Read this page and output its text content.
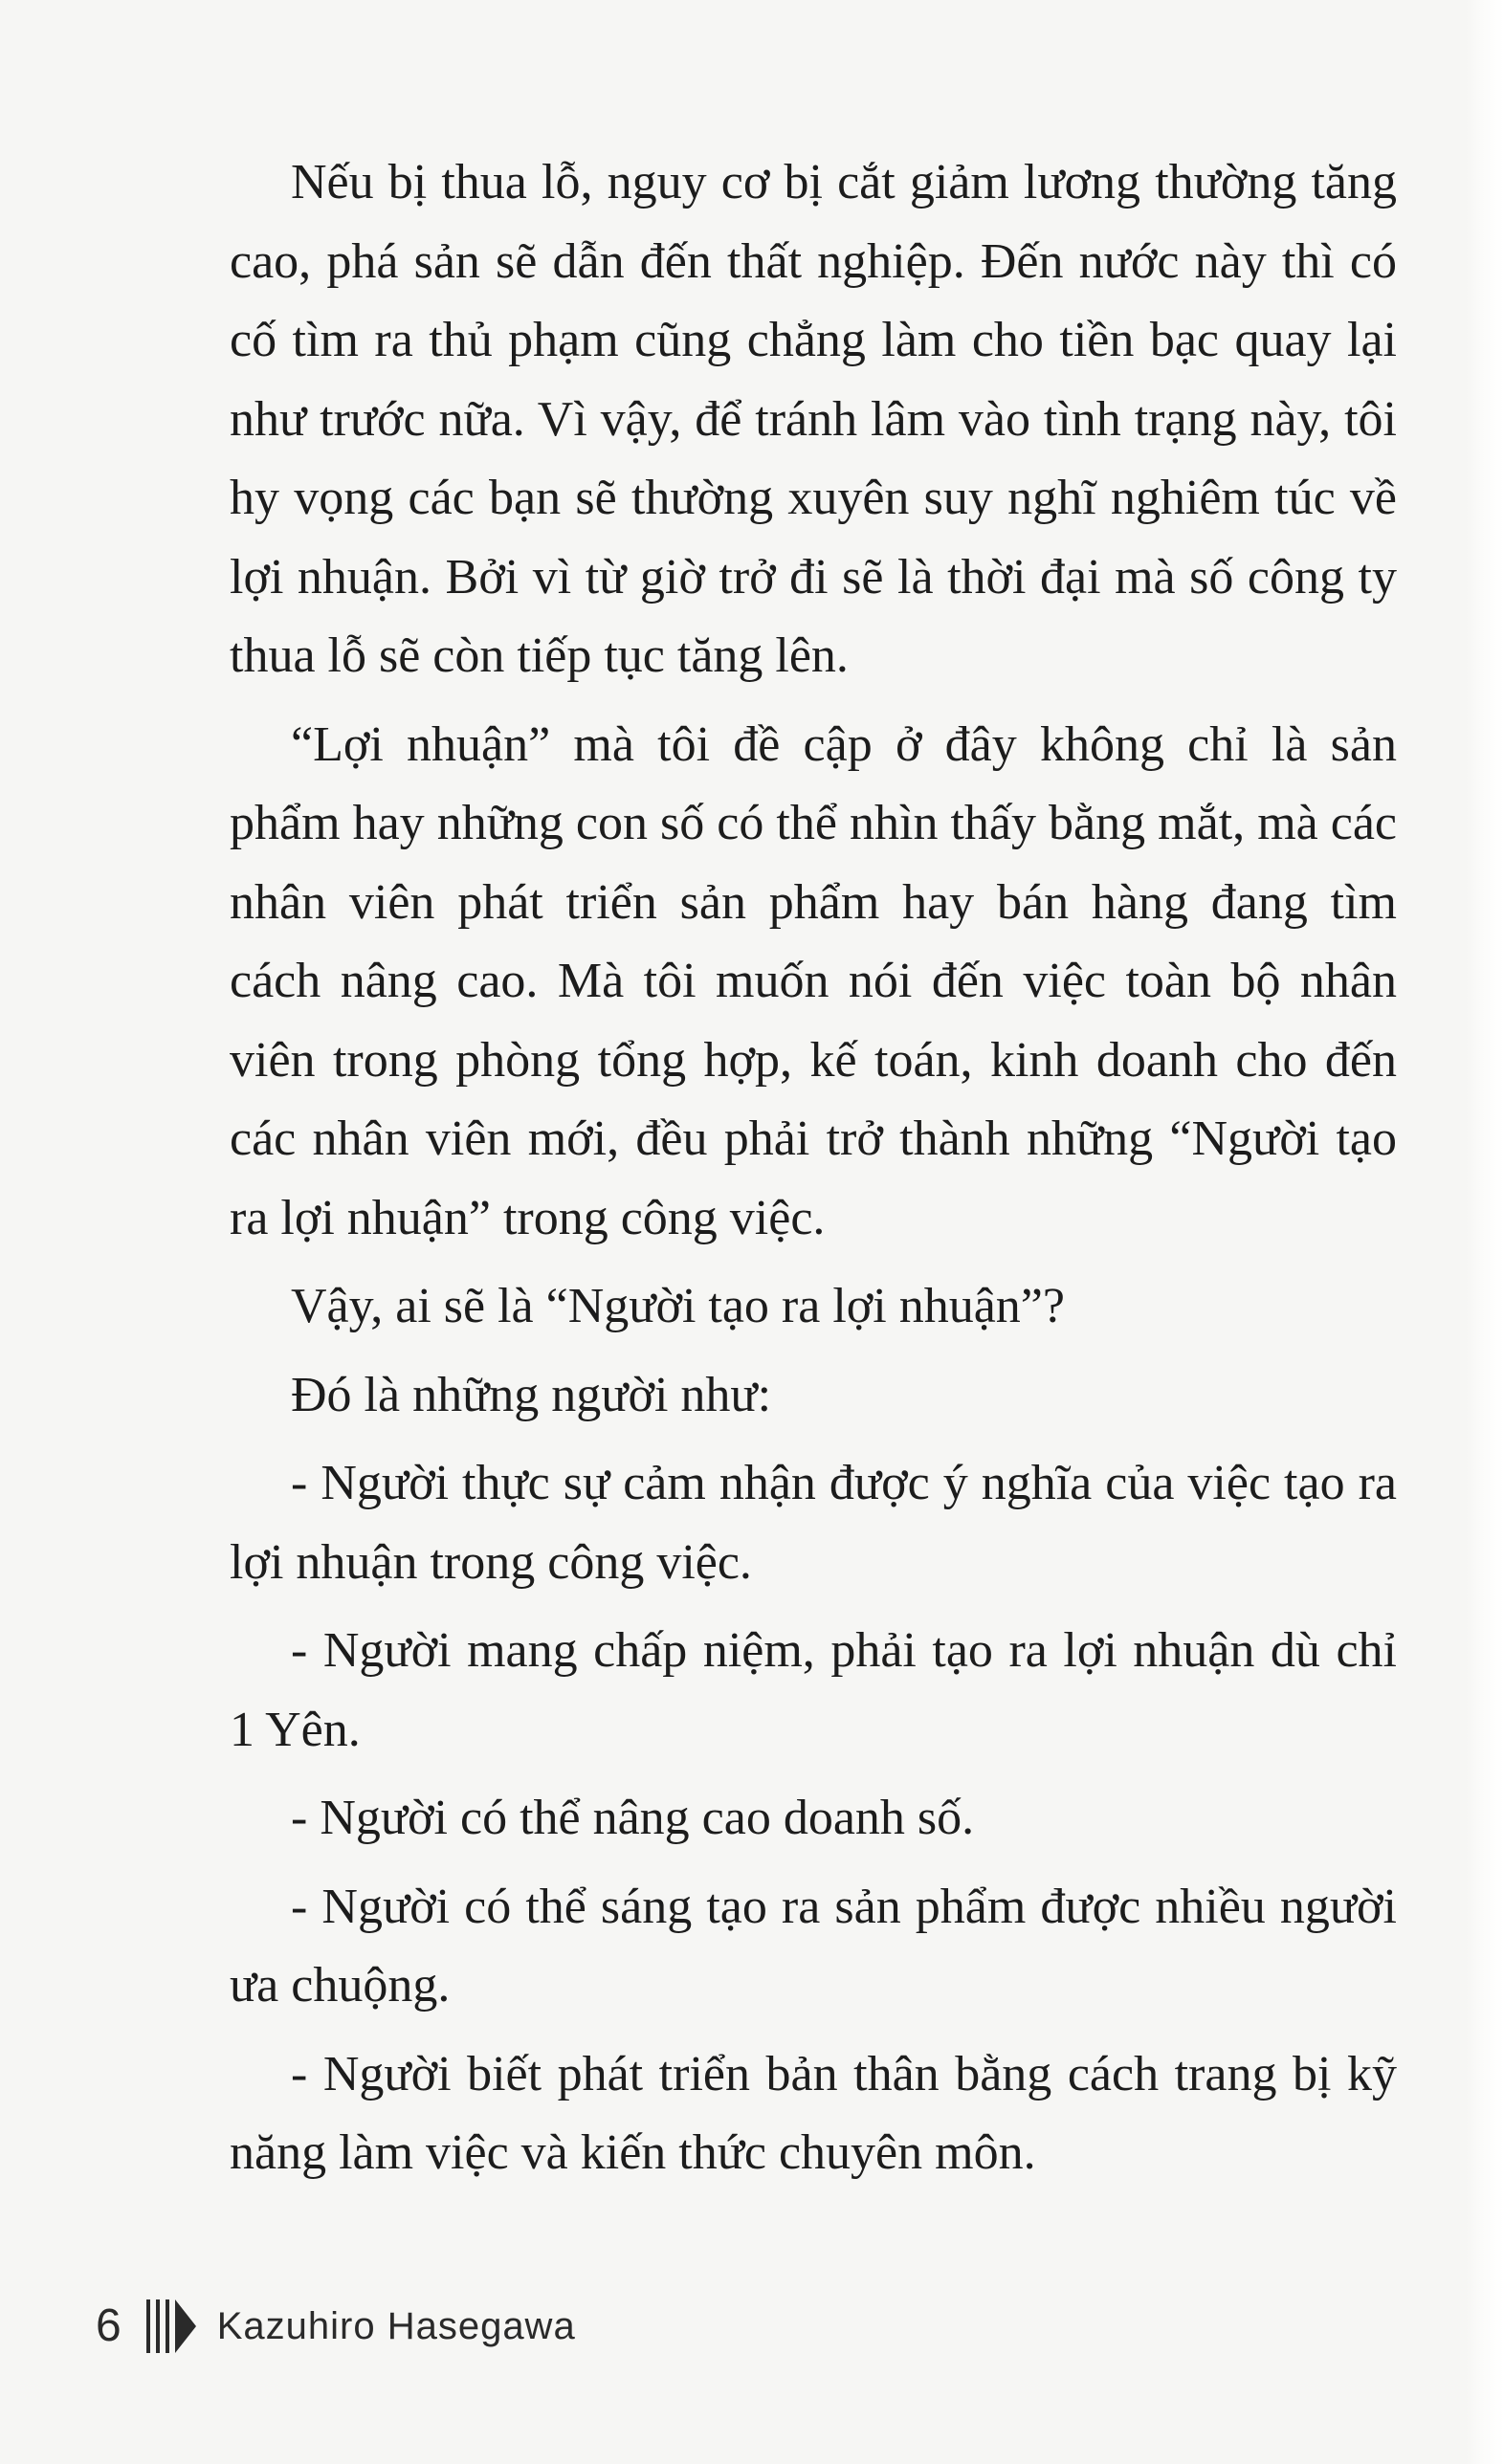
Nếu bị thua lỗ, nguy cơ bị cắt giảm lương thường tăng cao, phá sản sẽ dẫn đến thất nghiệp. Đến nước này thì có cố tìm ra thủ phạm cũng chẳng làm cho tiền bạc quay lại như trước nữa. Vì vậy, để tránh lâm vào tình trạng này, tôi hy vọng các bạn sẽ thường xuyên suy nghĩ nghiêm túc về lợi nhuận. Bởi vì từ giờ trở đi sẽ là thời đại mà số công ty thua lỗ sẽ còn tiếp tục tăng lên.

“Lợi nhuận” mà tôi đề cập ở đây không chỉ là sản phẩm hay những con số có thể nhìn thấy bằng mắt, mà các nhân viên phát triển sản phẩm hay bán hàng đang tìm cách nâng cao. Mà tôi muốn nói đến việc toàn bộ nhân viên trong phòng tổng hợp, kế toán, kinh doanh cho đến các nhân viên mới, đều phải trở thành những “Người tạo ra lợi nhuận” trong công việc.

Vậy, ai sẽ là “Người tạo ra lợi nhuận”?

Đó là những người như:

- Người thực sự cảm nhận được ý nghĩa của việc tạo ra lợi nhuận trong công việc.

- Người mang chấp niệm, phải tạo ra lợi nhuận dù chỉ 1 Yên.

- Người có thể nâng cao doanh số.

- Người có thể sáng tạo ra sản phẩm được nhiều người ưa chuộng.

- Người biết phát triển bản thân bằng cách trang bị kỹ năng làm việc và kiến thức chuyên môn.

6	Kazuhiro Hasegawa
